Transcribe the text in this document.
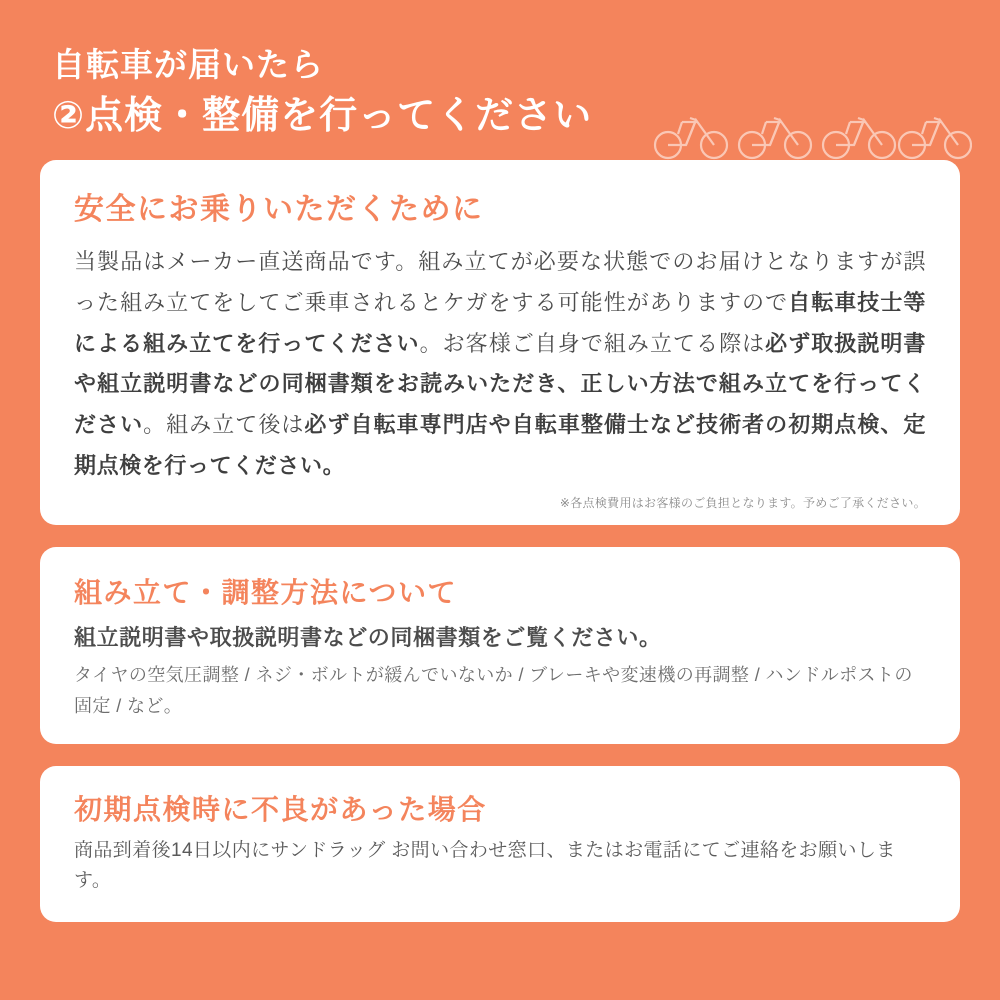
自転車が届いたら
②点検・整備を行ってください
安全にお乗りいただくために
当製品はメーカー直送商品です。組み立てが必要な状態でのお届けとなりますが誤った組み立てをしてご乗車されるとケガをする可能性がありますので自転車技士等による組み立てを行ってください。お客様ご自身で組み立てる際は必ず取扱説明書や組立説明書などの同梱書類をお読みいただき、正しい方法で組み立てを行ってください。組み立て後は必ず自転車専門店や自転車整備士など技術者の初期点検、定期点検を行ってください。
※各点検費用はお客様のご負担となります。予めご了承ください。
組み立て・調整方法について
組立説明書や取扱説明書などの同梱書類をご覧ください。
タイヤの空気圧調整 / ネジ・ボルトが緩んでいないか / ブレーキや変速機の再調整 / ハンドルポストの固定 / など。
初期点検時に不良があった場合
商品到着後14日以内にサンドラッグ お問い合わせ窓口、またはお電話にてご連絡をお願いします。
